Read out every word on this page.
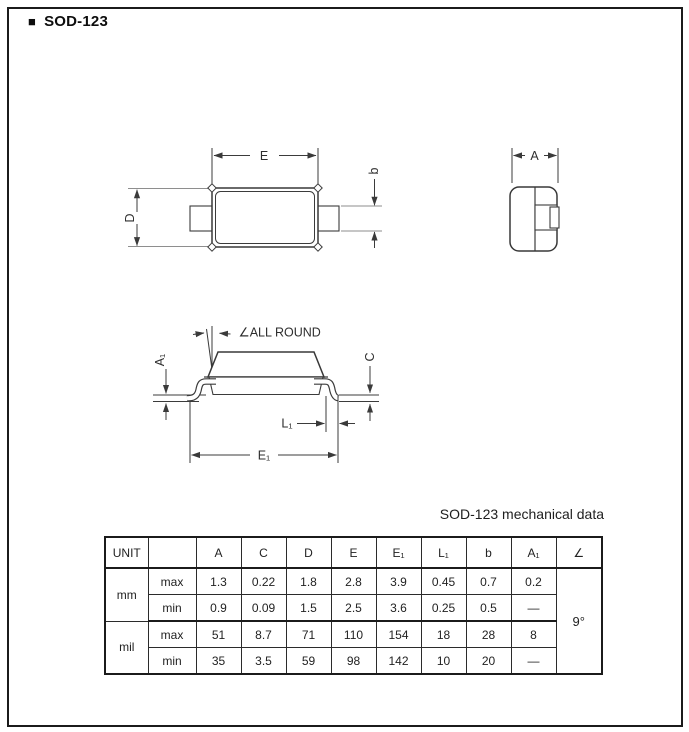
■ SOD-123
E
D
b
A
∠ALL ROUND
A₁	C
L₁
E₁
SOD-123 mechanical data
UNIT		A	C	D	E	E₁	L₁	b	A₁	∠
mm	max	1.3	0.22	1.8	2.8	3.9	0.45	0.7	0.2	9°
	min	0.9	0.09	1.5	2.5	3.6	0.25	0.5	—	
mil	max	51	8.7	71	110	154	18	28	8	
	min	35	3.5	59	98	142	10	20	—	
